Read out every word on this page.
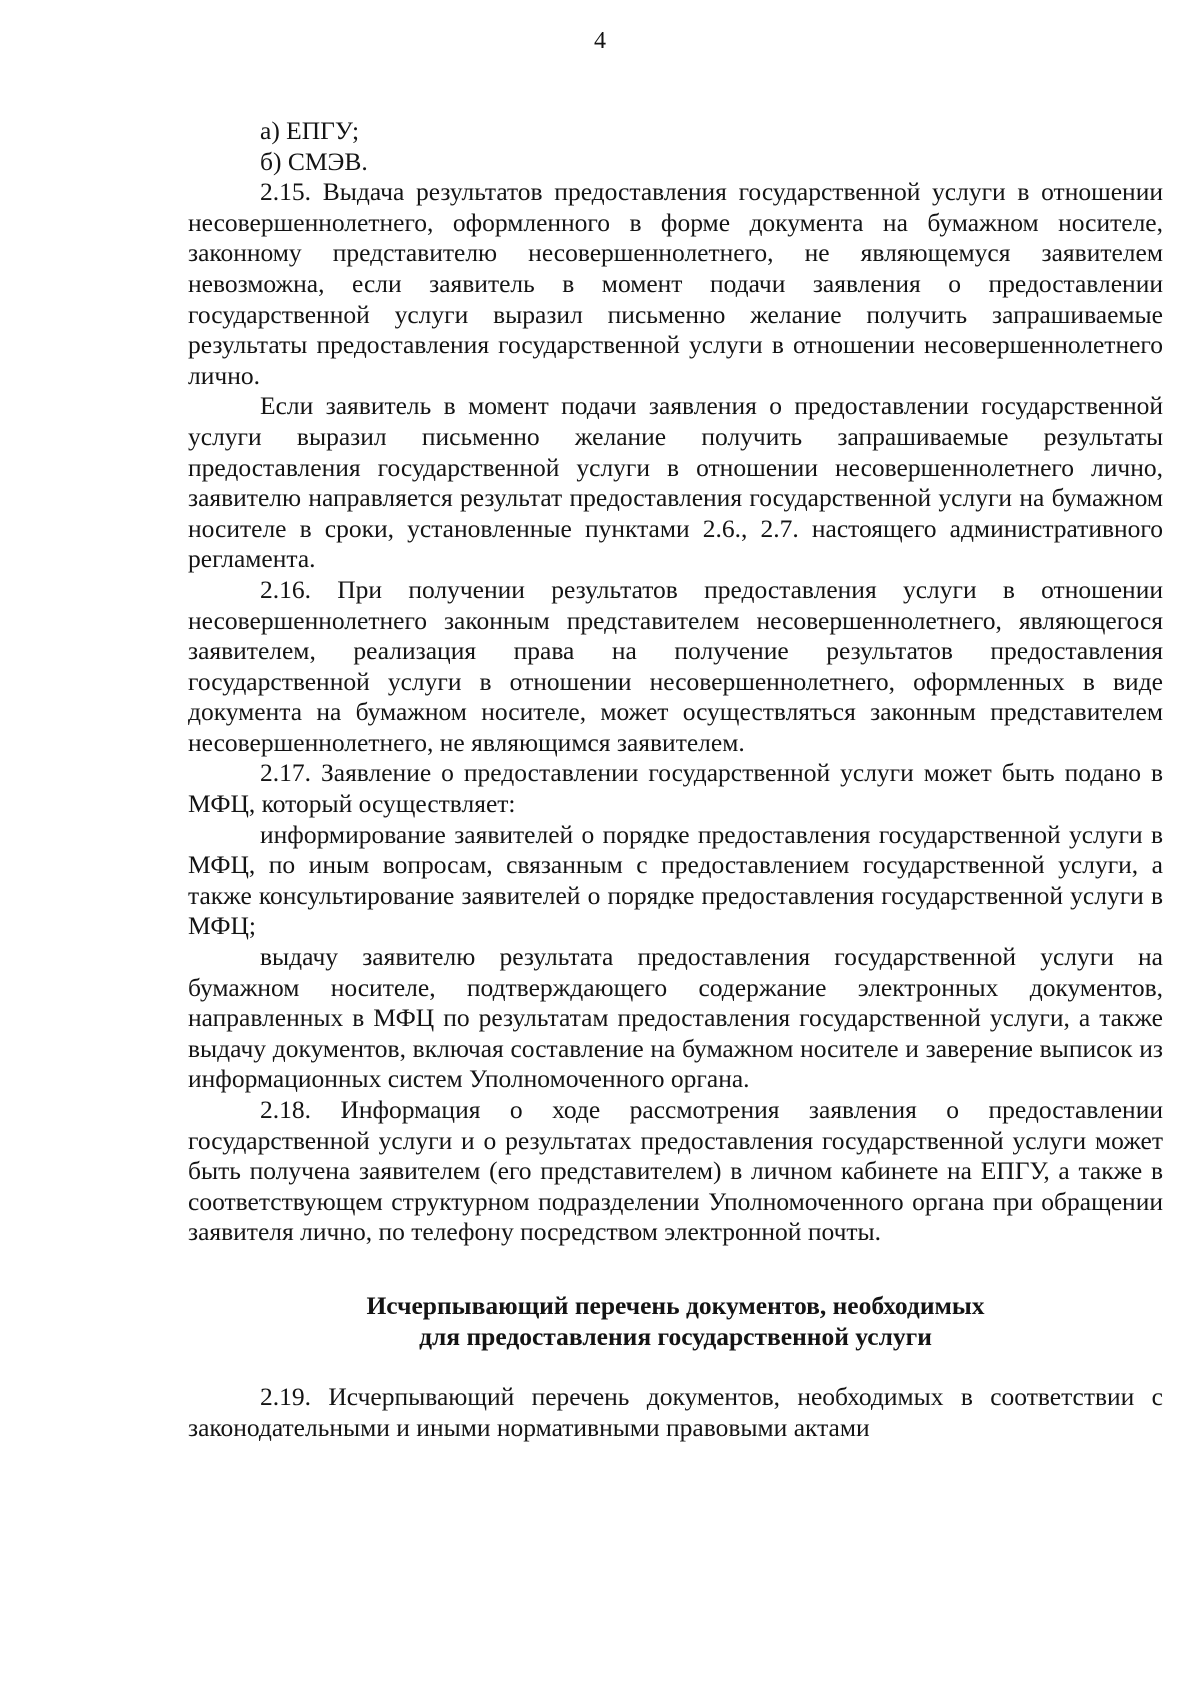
4

а) ЕПГУ;

б) СМЭВ.

2.15. Выдача результатов предоставления государственной услуги в отношении несовершеннолетнего, оформленного в форме документа на бумажном носителе, законному представителю несовершеннолетнего, не являющемуся заявителем невозможна, если заявитель в момент подачи заявления о предоставлении государственной услуги выразил письменно желание получить запрашиваемые результаты предоставления государственной услуги в отношении несовершеннолетнего лично.

Если заявитель в момент подачи заявления о предоставлении государственной услуги выразил письменно желание получить запрашиваемые результаты предоставления государственной услуги в отношении несовершеннолетнего лично, заявителю направляется результат предоставления государственной услуги на бумажном носителе в сроки, установленные пунктами 2.6., 2.7. настоящего административного регламента.

2.16. При получении результатов предоставления услуги в отношении несовершеннолетнего законным представителем несовершеннолетнего, являющегося заявителем, реализация права на получение результатов предоставления государственной услуги в отношении несовершеннолетнего, оформленных в виде документа на бумажном носителе, может осуществляться законным представителем несовершеннолетнего, не являющимся заявителем.

2.17. Заявление о предоставлении государственной услуги может быть подано в МФЦ, который осуществляет:

информирование заявителей о порядке предоставления государственной услуги в МФЦ, по иным вопросам, связанным с предоставлением государственной услуги, а также консультирование заявителей о порядке предоставления государственной услуги в МФЦ;

выдачу заявителю результата предоставления государственной услуги на бумажном носителе, подтверждающего содержание электронных документов, направленных в МФЦ по результатам предоставления государственной услуги, а также выдачу документов, включая составление на бумажном носителе и заверение выписок из информационных систем Уполномоченного органа.

2.18. Информация о ходе рассмотрения заявления о предоставлении государственной услуги и о результатах предоставления государственной услуги может быть получена заявителем (его представителем) в личном кабинете на ЕПГУ, а также в соответствующем структурном подразделении Уполномоченного органа при обращении заявителя лично, по телефону посредством электронной почты.

Исчерпывающий перечень документов, необходимых
для предоставления государственной услуги

2.19. Исчерпывающий перечень документов, необходимых в соответствии с законодательными и иными нормативными правовыми актами
